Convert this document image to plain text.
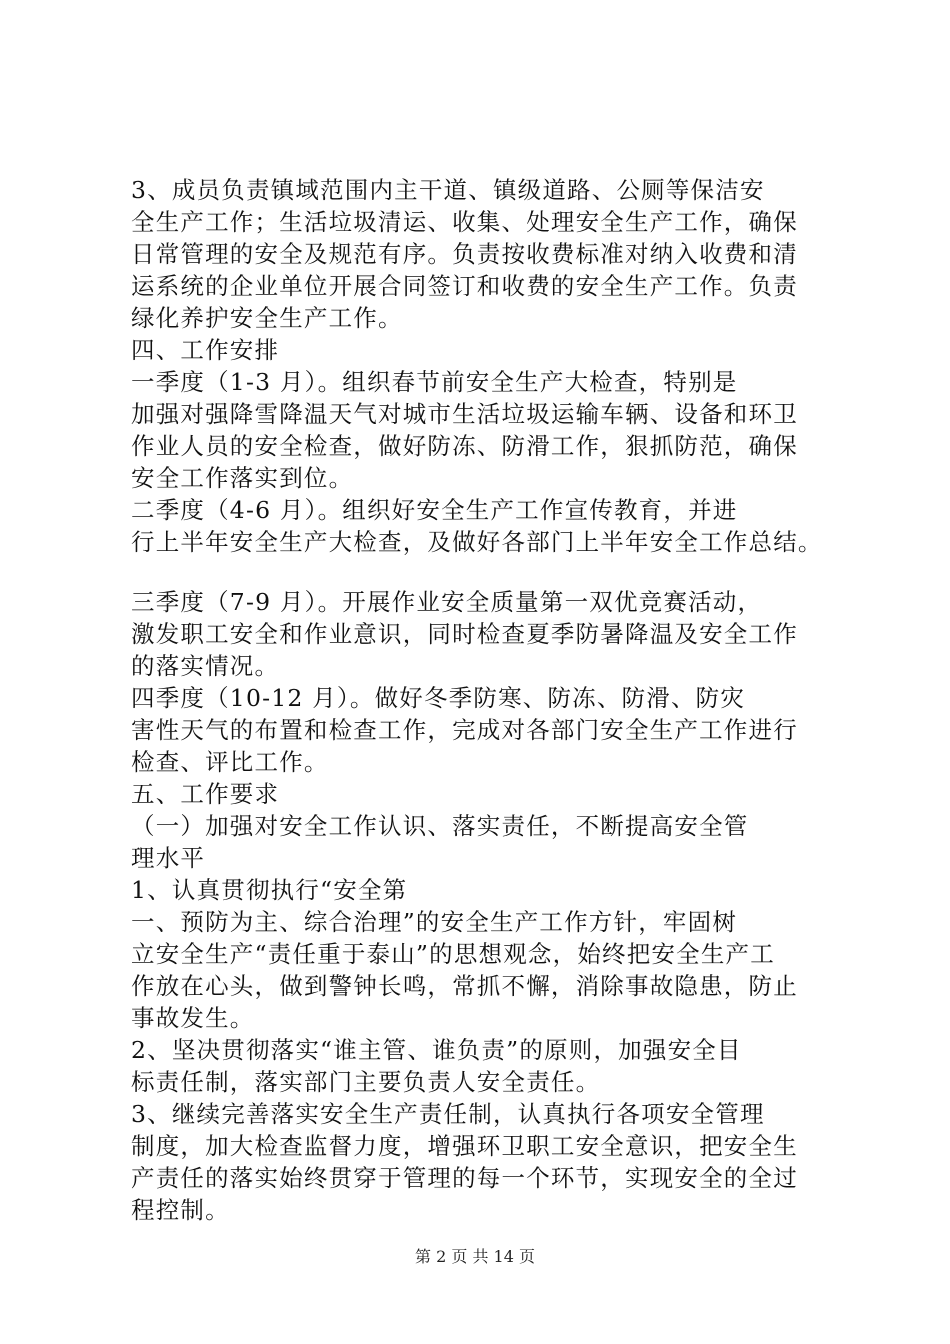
3、成员负责镇域范围内主干道、镇级道路、公厕等保洁安
全生产工作；生活垃圾清运、收集、处理安全生产工作，确保
日常管理的安全及规范有序。负责按收费标准对纳入收费和清
运系统的企业单位开展合同签订和收费的安全生产工作。负责
绿化养护安全生产工作。
四、工作安排
一季度（1-3 月）。组织春节前安全生产大检查，特别是
加强对强降雪降温天气对城市生活垃圾运输车辆、设备和环卫
作业人员的安全检查，做好防冻、防滑工作，狠抓防范，确保
安全工作落实到位。
二季度（4-6 月）。组织好安全生产工作宣传教育，并进
行上半年安全生产大检查，及做好各部门上半年安全工作总结。
三季度（7-9 月）。开展作业安全质量第一双优竞赛活动，
激发职工安全和作业意识，同时检查夏季防暑降温及安全工作
的落实情况。
四季度（10-12 月）。做好冬季防寒、防冻、防滑、防灾
害性天气的布置和检查工作，完成对各部门安全生产工作进行
检查、评比工作。
五、工作要求
（一）加强对安全工作认识、落实责任，不断提高安全管
理水平
1、认真贯彻执行“安全第
一、预防为主、综合治理”的安全生产工作方针，牢固树
立安全生产“责任重于泰山”的思想观念，始终把安全生产工
作放在心头，做到警钟长鸣，常抓不懈，消除事故隐患，防止
事故发生。
2、坚决贯彻落实“谁主管、谁负责”的原则，加强安全目
标责任制，落实部门主要负责人安全责任。
3、继续完善落实安全生产责任制，认真执行各项安全管理
制度，加大检查监督力度，增强环卫职工安全意识，把安全生
产责任的落实始终贯穿于管理的每一个环节，实现安全的全过
程控制。
第 2 页 共 14 页
